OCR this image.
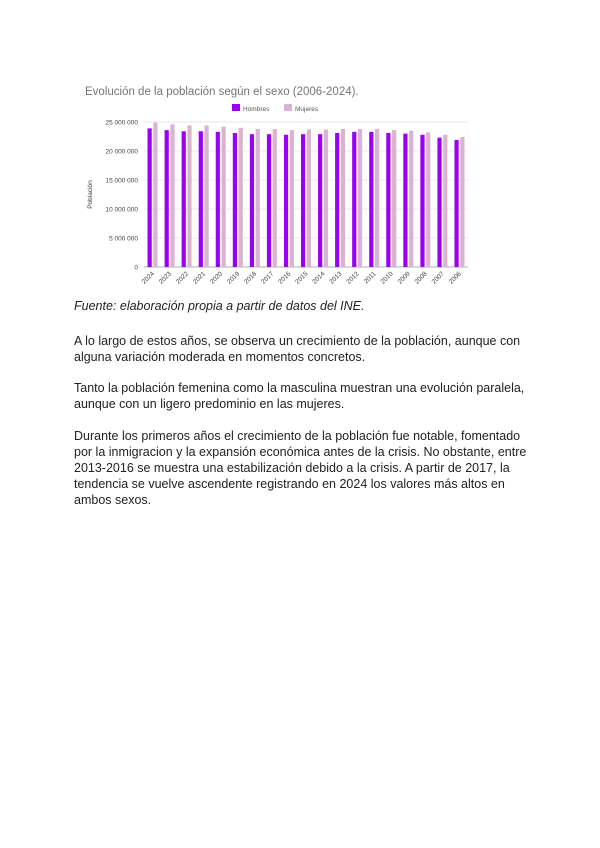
Evolución de la población según el sexo (2006-2024).
Hombres	Mujeres
0
5 000 000
10 000 000
15 000 000
20 000 000
25 000 000
Población
2024 2023 2022 2021 2020 2019 2018 2017 2016 2015 2014 2013 2012 2011 2010 2009 2008 2007 2006
Fuente: elaboración propia a partir de datos del INE.

A lo largo de estos años, se observa un crecimiento de la población, aunque con alguna variación moderada en momentos concretos.

Tanto la población femenina como la masculina muestran una evolución paralela, aunque con un ligero predominio en las mujeres.

Durante los primeros años el crecimiento de la población fue notable, fomentado por la inmigracion y la expansión económica antes de la crisis. No obstante, entre 2013-2016 se muestra una estabilización debido a la crisis. A partir de 2017, la tendencia se vuelve ascendente registrando en 2024 los valores más altos en ambos sexos.
